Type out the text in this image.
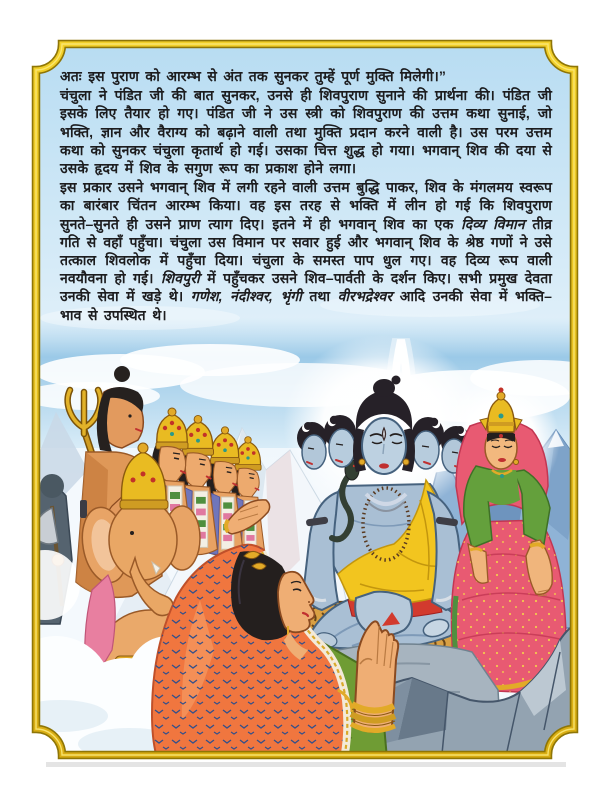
अतः इस पुराण को आरम्भ से अंत तक सुनकर तुम्हें पूर्ण मुक्ति मिलेगी।”

चंचुला ने पंडित जी की बात सुनकर, उनसे ही शिवपुराण सुनाने की प्रार्थना की। पंडित जी इसके लिए तैयार हो गए। पंडित जी ने उस स्त्री को शिवपुराण की उत्तम कथा सुनाई, जो भक्ति, ज्ञान और वैराग्य को बढ़ाने वाली तथा मुक्ति प्रदान करने वाली है। उस परम उत्तम कथा को सुनकर चंचुला कृतार्थ हो गई। उसका चित्त शुद्ध हो गया। भगवान् शिव की दया से उसके हृदय में शिव के सगुण रूप का प्रकाश होने लगा।

इस प्रकार उसने भगवान् शिव में लगी रहने वाली उत्तम बुद्धि पाकर, शिव के मंगलमय स्वरूप का बारंबार चिंतन आरम्भ किया। वह इस तरह से भक्ति में लीन हो गई कि शिवपुराण सुनते–सुनते ही उसने प्राण त्याग दिए। इतने में ही भगवान् शिव का एक दिव्य विमान तीव्र गति से वहाँ पहुँचा। चंचुला उस विमान पर सवार हुई और भगवान् शिव के श्रेष्ठ गणों ने उसे तत्काल शिवलोक में पहुँचा दिया। चंचुला के समस्त पाप धुल गए। वह दिव्य रूप वाली नवयौवना हो गई। शिवपुरी में पहुँचकर उसने शिव–पार्वती के दर्शन किए। सभी प्रमुख देवता उनकी सेवा में खड़े थे। गणेश, नंदीश्वर, भृंगी तथा वीरभद्रेश्वर आदि उनकी सेवा में भक्ति–भाव से उपस्थित थे।
